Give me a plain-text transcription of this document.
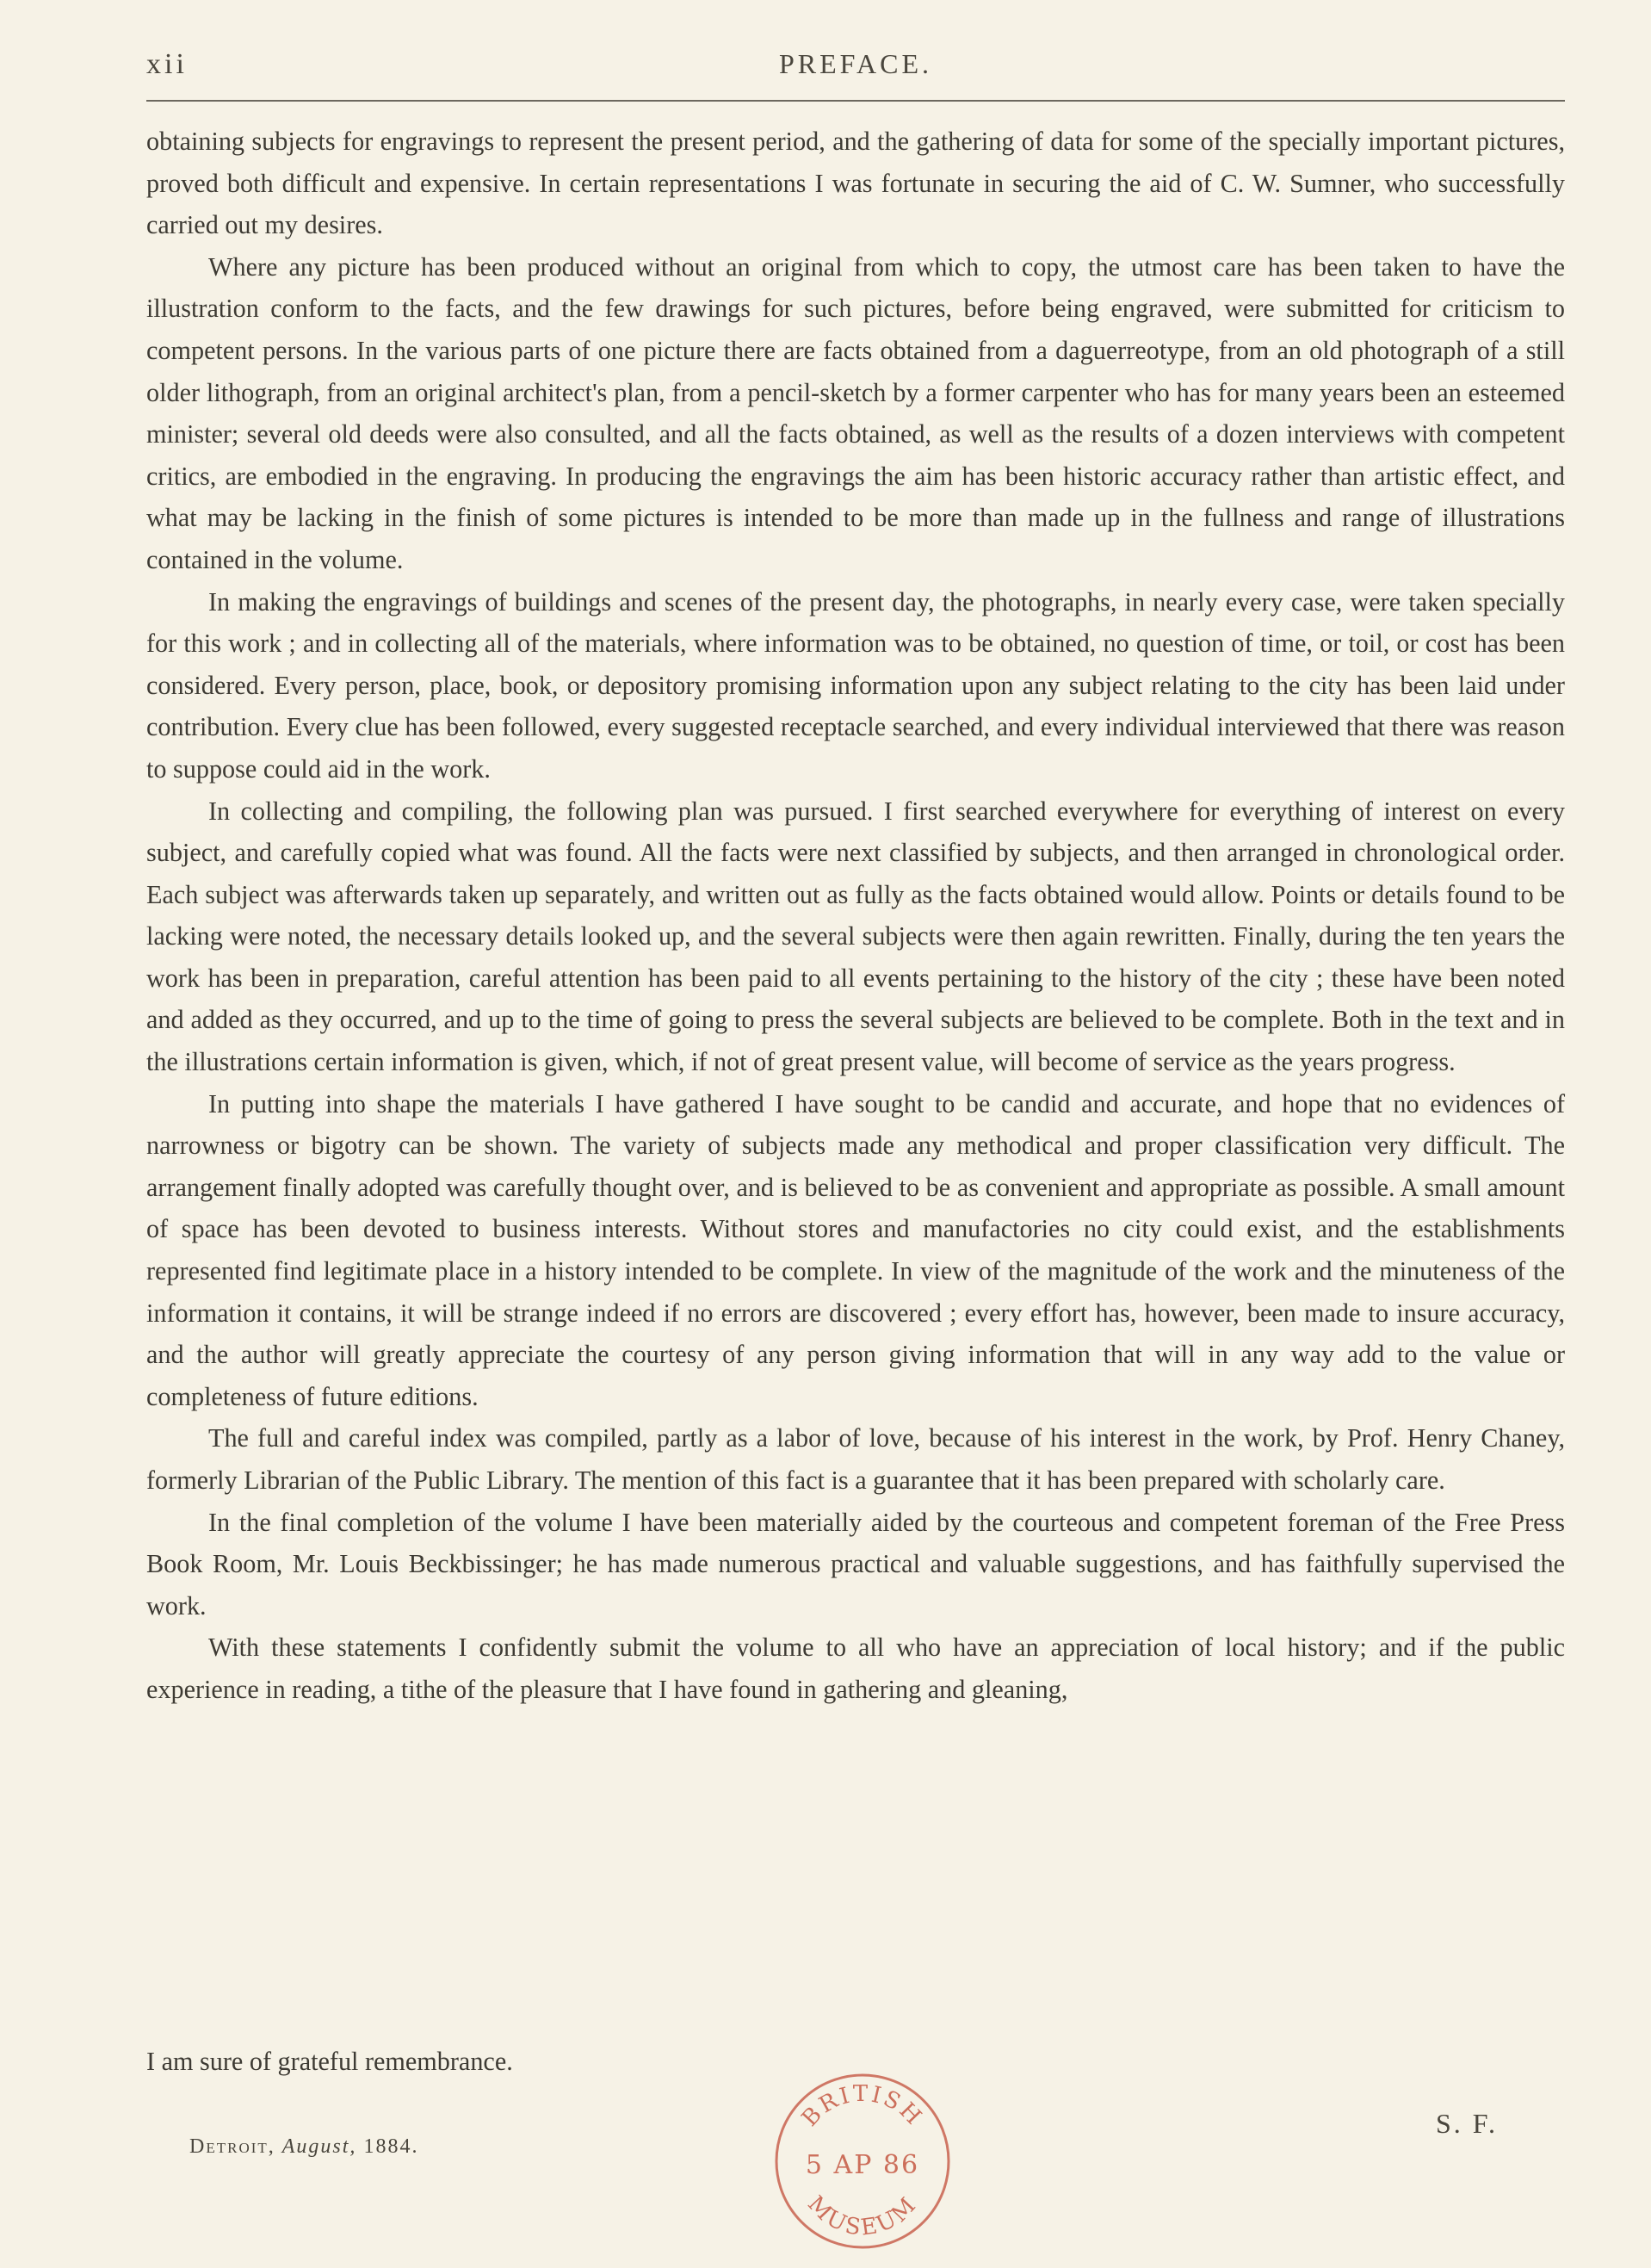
xii	PREFACE.

obtaining subjects for engravings to represent the present period, and the gathering of data for some of the specially important pictures, proved both difficult and expensive. In certain representations I was fortunate in securing the aid of C. W. Sumner, who successfully carried out my desires.

Where any picture has been produced without an original from which to copy, the utmost care has been taken to have the illustration conform to the facts, and the few drawings for such pictures, before being engraved, were submitted for criticism to competent persons. In the various parts of one picture there are facts obtained from a daguerreotype, from an old photograph of a still older lithograph, from an original architect's plan, from a pencil-sketch by a former carpenter who has for many years been an esteemed minister; several old deeds were also consulted, and all the facts obtained, as well as the results of a dozen interviews with competent critics, are embodied in the engraving. In producing the engravings the aim has been historic accuracy rather than artistic effect, and what may be lacking in the finish of some pictures is intended to be more than made up in the fullness and range of illustrations contained in the volume.

In making the engravings of buildings and scenes of the present day, the photographs, in nearly every case, were taken specially for this work ; and in collecting all of the materials, where information was to be obtained, no question of time, or toil, or cost has been considered. Every person, place, book, or depository promising information upon any subject relating to the city has been laid under contribution. Every clue has been followed, every suggested receptacle searched, and every individual interviewed that there was reason to suppose could aid in the work.

In collecting and compiling, the following plan was pursued. I first searched everywhere for everything of interest on every subject, and carefully copied what was found. All the facts were next classified by subjects, and then arranged in chronological order. Each subject was afterwards taken up separately, and written out as fully as the facts obtained would allow. Points or details found to be lacking were noted, the necessary details looked up, and the several subjects were then again rewritten. Finally, during the ten years the work has been in preparation, careful attention has been paid to all events pertaining to the history of the city ; these have been noted and added as they occurred, and up to the time of going to press the several subjects are believed to be complete. Both in the text and in the illustrations certain information is given, which, if not of great present value, will become of service as the years progress.

In putting into shape the materials I have gathered I have sought to be candid and accurate, and hope that no evidences of narrowness or bigotry can be shown. The variety of subjects made any methodical and proper classification very difficult. The arrangement finally adopted was carefully thought over, and is believed to be as convenient and appropriate as possible. A small amount of space has been devoted to business interests. Without stores and manufactories no city could exist, and the establishments represented find legitimate place in a history intended to be complete. In view of the magnitude of the work and the minuteness of the information it contains, it will be strange indeed if no errors are discovered ; every effort has, however, been made to insure accuracy, and the author will greatly appreciate the courtesy of any person giving information that will in any way add to the value or completeness of future editions.

The full and careful index was compiled, partly as a labor of love, because of his interest in the work, by Prof. Henry Chaney, formerly Librarian of the Public Library. The mention of this fact is a guarantee that it has been prepared with scholarly care.

In the final completion of the volume I have been materially aided by the courteous and competent foreman of the Free Press Book Room, Mr. Louis Beckbissinger; he has made numerous practical and valuable suggestions, and has faithfully supervised the work.

With these statements I confidently submit the volume to all who have an appreciation of local history; and if the public experience in reading, a tithe of the pleasure that I have found in gathering and gleaning,

I am sure of grateful remembrance.
Detroit, August, 1884.
S. F.
BRITISH
5 AP 86
MUSEUM
